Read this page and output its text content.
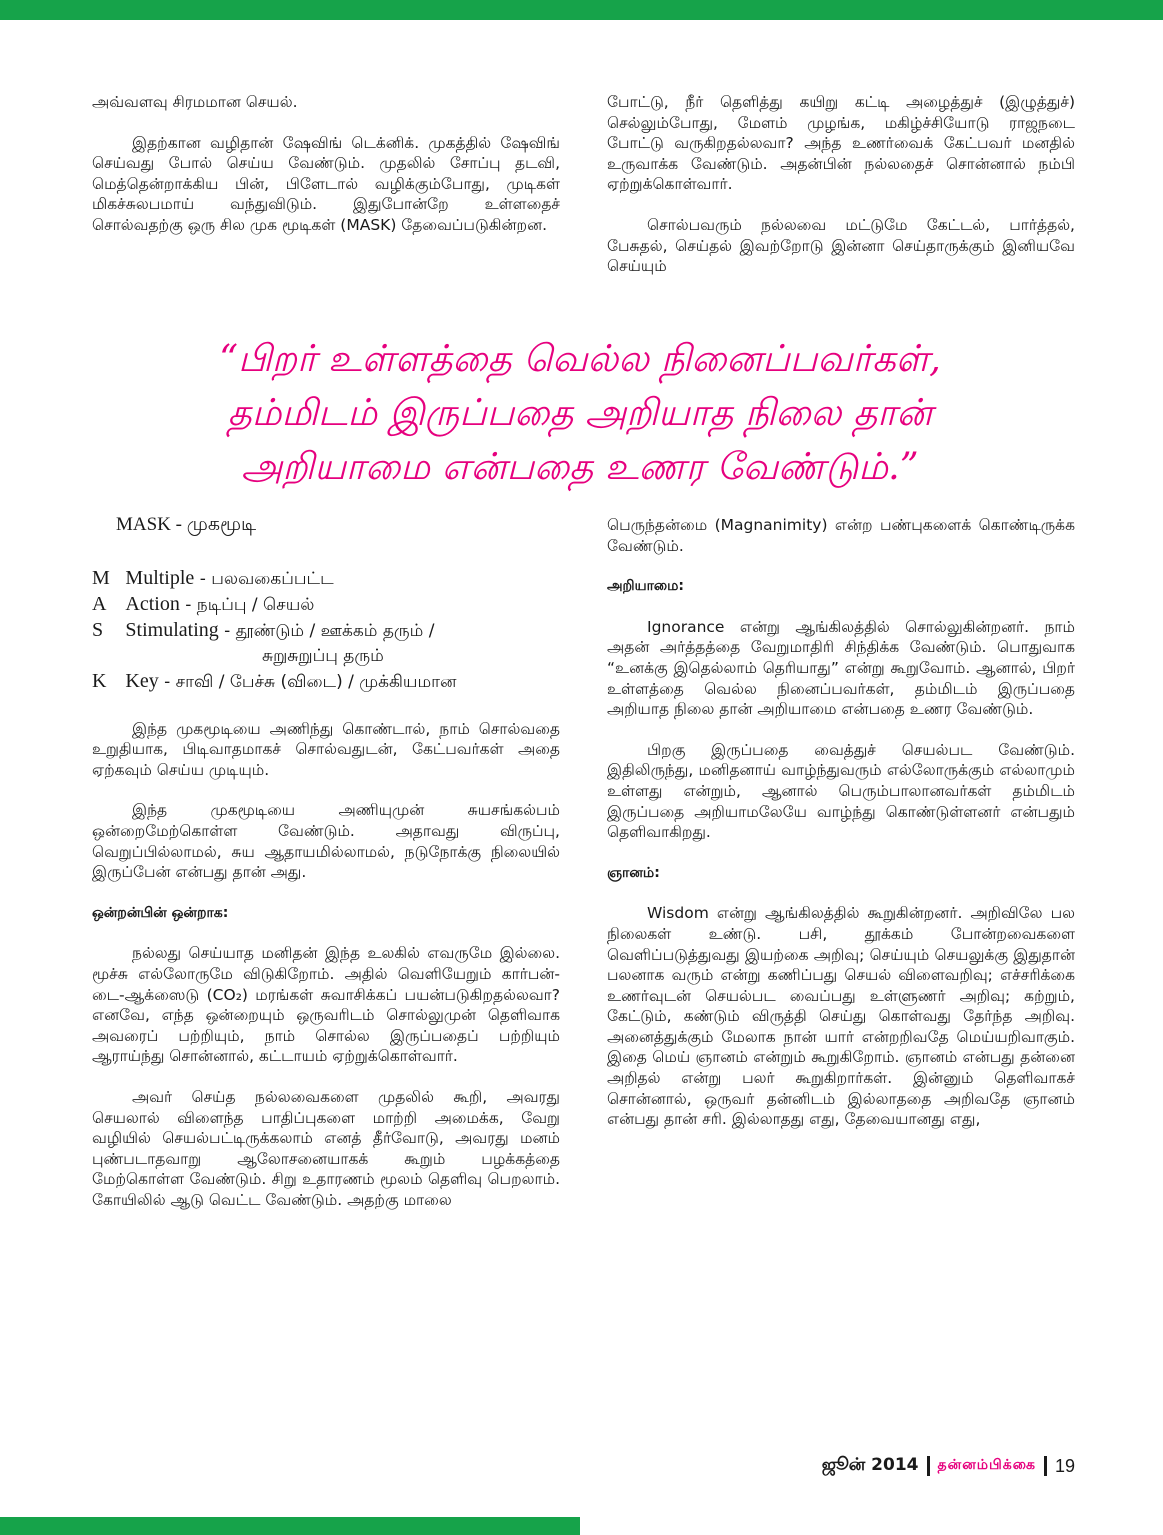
அவ்வளவு சிரமமான செயல்.

இதற்கான வழிதான் ஷேவிங் டெக்னிக். முகத்தில் ஷேவிங் செய்வது போல் செய்ய வேண்டும். முதலில் சோப்பு தடவி, மெத்தென்றாக்கிய பின், பிளேடால் வழிக்கும்போது, முடிகள் மிகச்சுலபமாய் வந்துவிடும். இதுபோன்றே உள்ளதைச் சொல்வதற்கு ஒரு சில முக மூடிகள் (MASK) தேவைப்படுகின்றன.

போட்டு, நீர் தெளித்து கயிறு கட்டி அழைத்துச் (இழுத்துச்) செல்லும்போது, மேளம் முழங்க, மகிழ்ச்சியோடு ராஜநடை போட்டு வருகிறதல்லவா? அந்த உணர்வைக் கேட்பவர் மனதில் உருவாக்க வேண்டும். அதன்பின் நல்லதைச் சொன்னால் நம்பி ஏற்றுக்கொள்வார்.

சொல்பவரும் நல்லவை மட்டுமே கேட்டல், பார்த்தல், பேசுதல், செய்தல் இவற்றோடு இன்னா செய்தாருக்கும் இனியவே செய்யும்

“பிறர் உள்ளத்தை வெல்ல நினைப்பவர்கள், தம்மிடம் இருப்பதை அறியாத நிலை தான் அறியாமை என்பதை உணர வேண்டும்.”
MASK - முகமூடி
M Multiple - பலவகைப்பட்ட
A Action - நடிப்பு / செயல்
S Stimulating - தூண்டும் / ஊக்கம் தரும் /
சுறுசுறுப்பு தரும்
K Key - சாவி / பேச்சு (விடை) / முக்கியமான

இந்த முகமூடியை அணிந்து கொண்டால், நாம் சொல்வதை உறுதியாக, பிடிவாதமாகச் சொல்வதுடன், கேட்பவர்கள் அதை ஏற்கவும் செய்ய முடியும்.

இந்த முகமூடியை அணியுமுன் சுயசங்கல்பம் ஒன்றைமேற்கொள்ள வேண்டும். அதாவது விருப்பு, வெறுப்பில்லாமல், சுய ஆதாயமில்லாமல், நடுநோக்கு நிலையில் இருப்பேன் என்பது தான் அது.

ஒன்றன்பின் ஒன்றாக:

நல்லது செய்யாத மனிதன் இந்த உலகில் எவருமே இல்லை. மூச்சு எல்லோருமே விடுகிறோம். அதில் வெளியேறும் கார்பன்-டை-ஆக்ஸைடு (CO₂) மரங்கள் சுவாசிக்கப் பயன்படுகிறதல்லவா? எனவே, எந்த ஒன்றையும் ஒருவரிடம் சொல்லுமுன் தெளிவாக அவரைப் பற்றியும், நாம் சொல்ல இருப்பதைப் பற்றியும் ஆராய்ந்து சொன்னால், கட்டாயம் ஏற்றுக்கொள்வார்.

அவர் செய்த நல்லவைகளை முதலில் கூறி, அவரது செயலால் விளைந்த பாதிப்புகளை மாற்றி அமைக்க, வேறு வழியில் செயல்பட்டிருக்கலாம் எனத் தீர்வோடு, அவரது மனம் புண்படாதவாறு ஆலோசனையாகக் கூறும் பழக்கத்தை மேற்கொள்ள வேண்டும். சிறு உதாரணம் மூலம் தெளிவு பெறலாம். கோயிலில் ஆடு வெட்ட வேண்டும். அதற்கு மாலை

பெருந்தன்மை (Magnanimity) என்ற பண்புகளைக் கொண்டிருக்க வேண்டும்.

அறியாமை:

Ignorance என்று ஆங்கிலத்தில் சொல்லுகின்றனர். நாம் அதன் அர்த்தத்தை வேறுமாதிரி சிந்திக்க வேண்டும். பொதுவாக “உனக்கு இதெல்லாம் தெரியாது” என்று கூறுவோம். ஆனால், பிறர் உள்ளத்தை வெல்ல நினைப்பவர்கள், தம்மிடம் இருப்பதை அறியாத நிலை தான் அறியாமை என்பதை உணர வேண்டும்.

பிறகு இருப்பதை வைத்துச் செயல்பட வேண்டும். இதிலிருந்து, மனிதனாய் வாழ்ந்துவரும் எல்லோருக்கும் எல்லாமும் உள்ளது என்றும், ஆனால் பெரும்பாலானவர்கள் தம்மிடம் இருப்பதை அறியாமலேயே வாழ்ந்து கொண்டுள்ளனர் என்பதும் தெளிவாகிறது.

ஞானம்:

Wisdom என்று ஆங்கிலத்தில் கூறுகின்றனர். அறிவிலே பல நிலைகள் உண்டு. பசி, தூக்கம் போன்றவைகளை வெளிப்படுத்துவது இயற்கை அறிவு; செய்யும் செயலுக்கு இதுதான் பலனாக வரும் என்று கணிப்பது செயல் விளைவறிவு; எச்சரிக்கை உணர்வுடன் செயல்பட வைப்பது உள்ளுணர் அறிவு; கற்றும், கேட்டும், கண்டும் விருத்தி செய்து கொள்வது தேர்ந்த அறிவு. அனைத்துக்கும் மேலாக நான் யார் என்றறிவதே மெய்யறிவாகும். இதை மெய் ஞானம் என்றும் கூறுகிறோம். ஞானம் என்பது தன்னை அறிதல் என்று பலர் கூறுகிறார்கள். இன்னும் தெளிவாகச் சொன்னால், ஒருவர் தன்னிடம் இல்லாததை அறிவதே ஞானம் என்பது தான் சரி. இல்லாதது எது, தேவையானது எது,

ஜூன் 2014 தன்னம்பிக்கை 19
